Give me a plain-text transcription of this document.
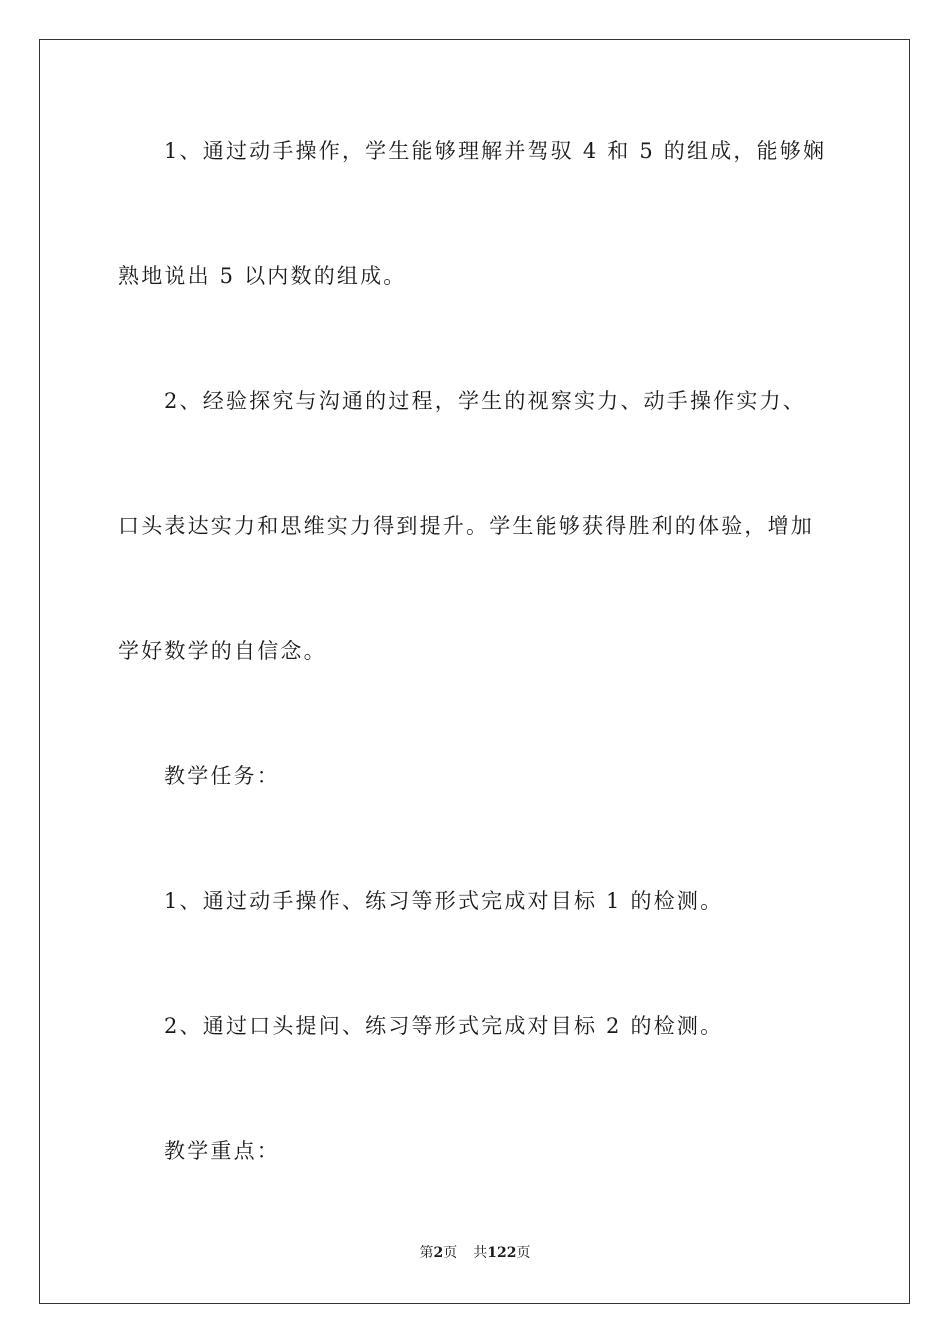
1、通过动手操作，学生能够理解并驾驭 4 和 5 的组成，能够娴
熟地说出 5 以内数的组成。
2、经验探究与沟通的过程，学生的视察实力、动手操作实力、
口头表达实力和思维实力得到提升。学生能够获得胜利的体验，增加
学好数学的自信念。
教学任务：
1、通过动手操作、练习等形式完成对目标 1 的检测。
2、通过口头提问、练习等形式完成对目标 2 的检测。
教学重点：
第2页 共122页
